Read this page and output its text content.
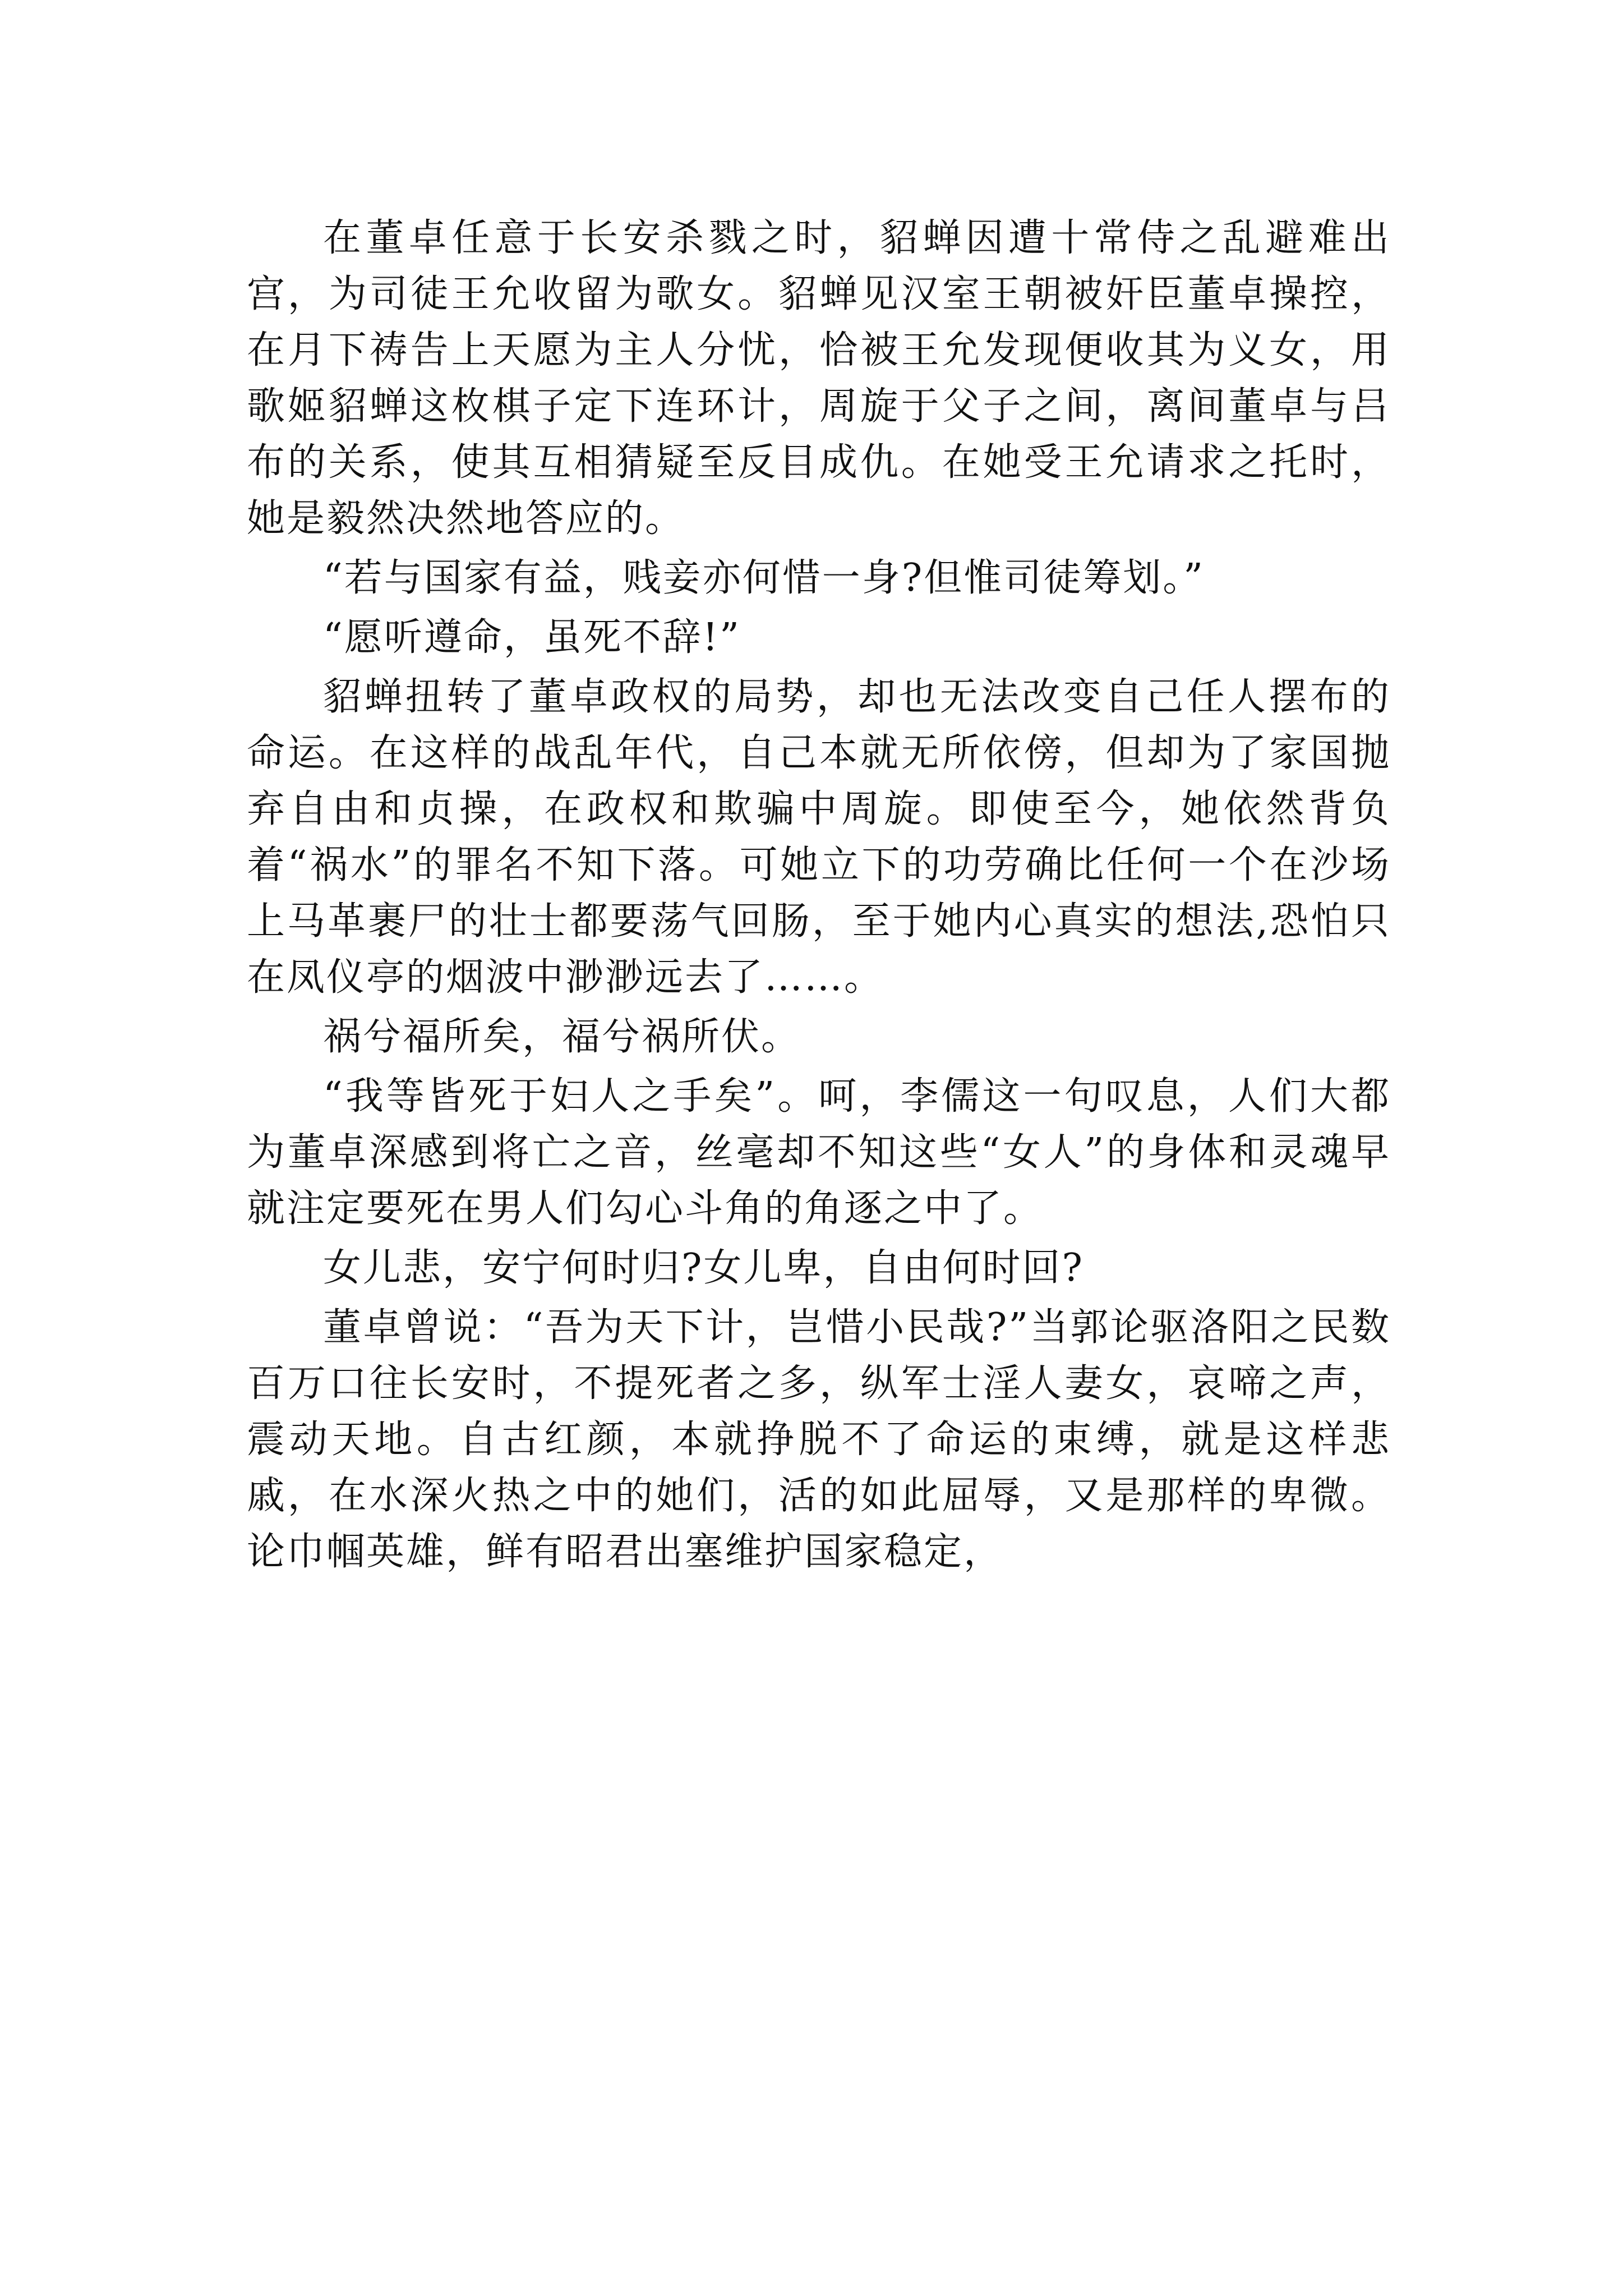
在董卓任意于长安杀戮之时，貂蝉因遭十常侍之乱避难出宫，为司徒王允收留为歌女。貂蝉见汉室王朝被奸臣董卓操控，在月下祷告上天愿为主人分忧，恰被王允发现便收其为义女，用歌姬貂蝉这枚棋子定下连环计，周旋于父子之间，离间董卓与吕布的关系，使其互相猜疑至反目成仇。在她受王允请求之托时，她是毅然决然地答应的。

“若与国家有益，贱妾亦何惜一身?但惟司徒筹划。”

“愿听遵命，虽死不辞!”

貂蝉扭转了董卓政权的局势，却也无法改变自己任人摆布的命运。在这样的战乱年代，自己本就无所依傍，但却为了家国抛弃自由和贞操，在政权和欺骗中周旋。即使至今，她依然背负着“祸水”的罪名不知下落。可她立下的功劳确比任何一个在沙场上马革裹尸的壮士都要荡气回肠，至于她内心真实的想法,恐怕只在凤仪亭的烟波中渺渺远去了……。

祸兮福所矣，福兮祸所伏。

“我等皆死于妇人之手矣”。呵，李儒这一句叹息，人们大都为董卓深感到将亡之音，丝毫却不知这些“女人”的身体和灵魂早就注定要死在男人们勾心斗角的角逐之中了。

女儿悲，安宁何时归?女儿卑，自由何时回?

董卓曾说：“吾为天下计，岂惜小民哉?”当郭论驱洛阳之民数百万口往长安时，不提死者之多，纵军士淫人妻女，哀啼之声，震动天地。自古红颜，本就挣脱不了命运的束缚，就是这样悲戚，在水深火热之中的她们，活的如此屈辱，又是那样的卑微。论巾帼英雄，鲜有昭君出塞维护国家稳定，
